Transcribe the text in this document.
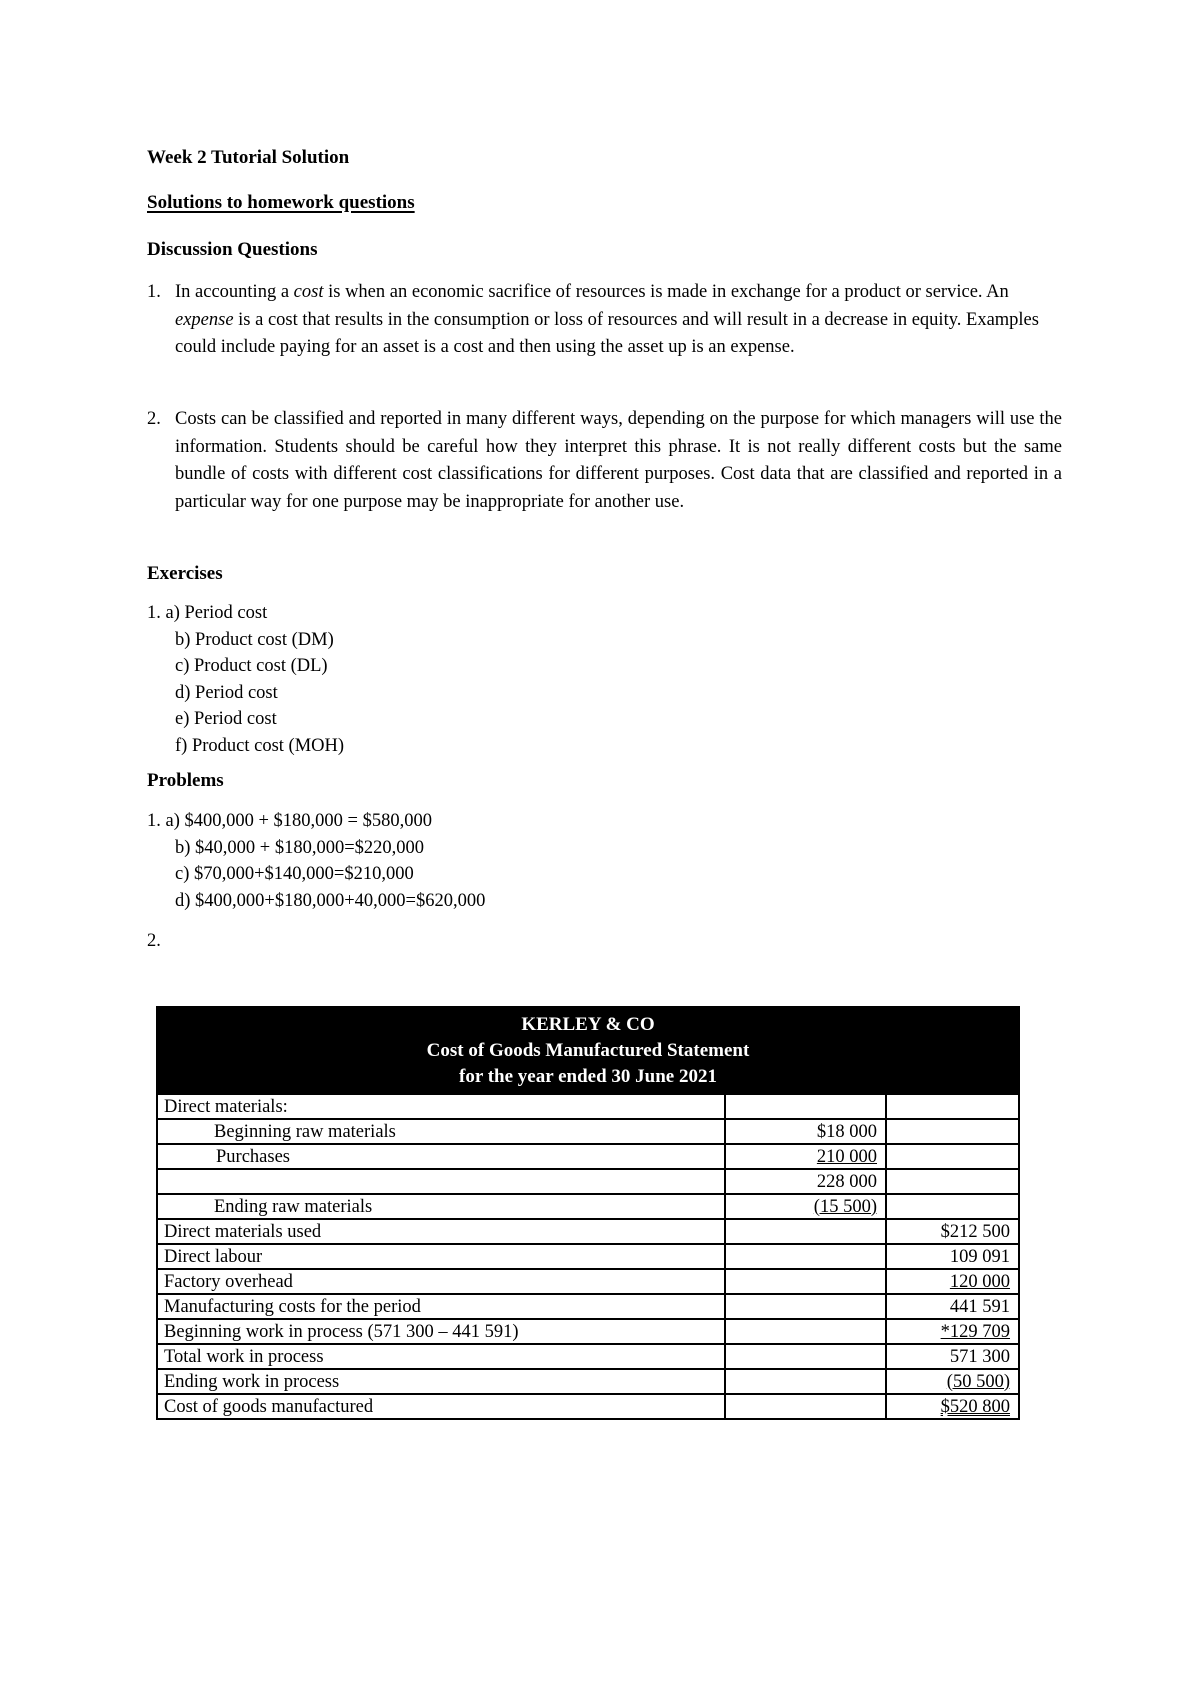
Week 2 Tutorial Solution
Solutions to homework questions
Discussion Questions
1. In accounting a cost is when an economic sacrifice of resources is made in exchange for a product or service. An expense is a cost that results in the consumption or loss of resources and will result in a decrease in equity. Examples could include paying for an asset is a cost and then using the asset up is an expense.
2. Costs can be classified and reported in many different ways, depending on the purpose for which managers will use the information. Students should be careful how they interpret this phrase. It is not really different costs but the same bundle of costs with different cost classifications for different purposes. Cost data that are classified and reported in a particular way for one purpose may be inappropriate for another use.
Exercises
1. a) Period cost
b) Product cost (DM)
c) Product cost (DL)
d) Period cost
e) Period cost
f) Product cost (MOH)
Problems
1. a) $400,000 + $180,000 = $580,000
b) $40,000 + $180,000=$220,000
c) $70,000+$140,000=$210,000
d) $400,000+$180,000+40,000=$620,000
2.
KERLEY & CO
Cost of Goods Manufactured Statement
for the year ended 30 June 2021		

Direct materials:		
Beginning raw materials	$18 000	
Purchases	210 000	
	228 000	
Ending raw materials	(15 500)	
Direct materials used		$212 500
Direct labour		109 091
Factory overhead		120 000
Manufacturing costs for the period		441 591
Beginning work in process (571 300 – 441 591)		*129 709
Total work in process		571 300
Ending work in process		(50 500)
Cost of goods manufactured		$520 800
